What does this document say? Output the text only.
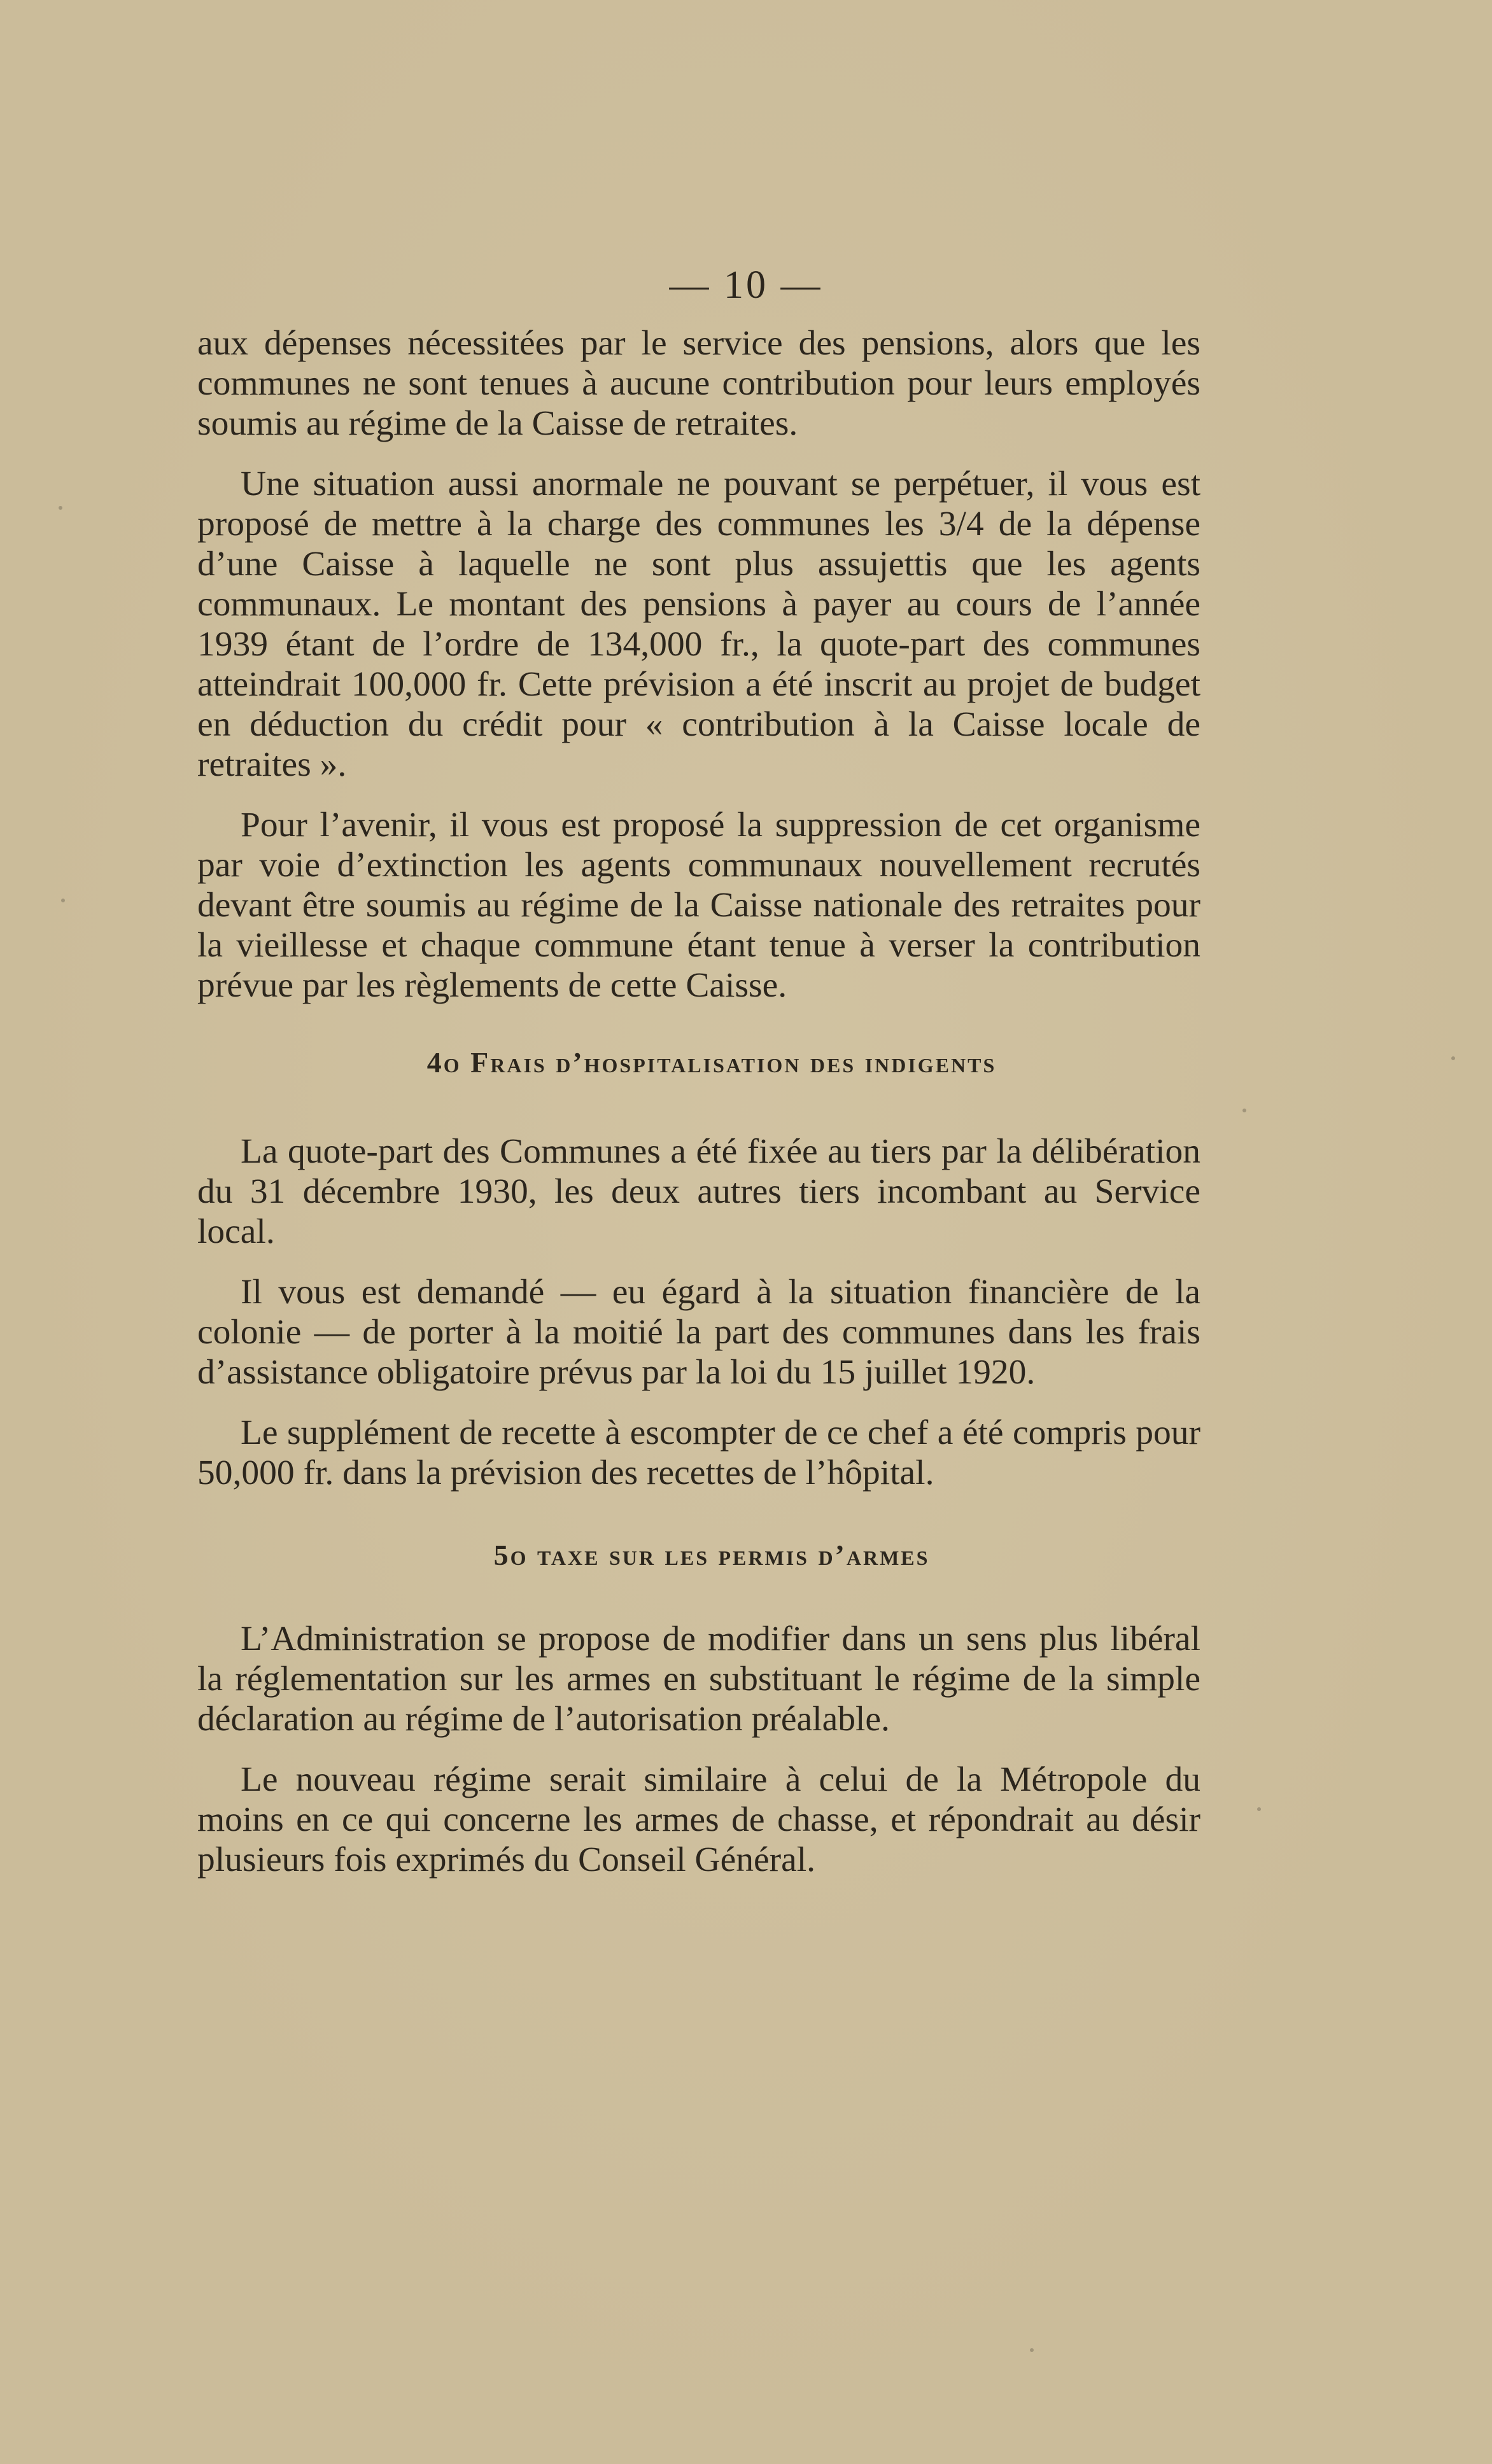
— 10 —

aux dépenses nécessitées par le service des pensions, alors que les communes ne sont tenues à aucune contribution pour leurs employés soumis au régime de la Caisse de retraites.

Une situation aussi anormale ne pouvant se perpétuer, il vous est proposé de mettre à la charge des communes les 3/4 de la dépense d’une Caisse à laquelle ne sont plus assujettis que les agents communaux. Le montant des pensions à payer au cours de l’année 1939 étant de l’ordre de 134,000 fr., la quote-part des communes atteindrait 100,000 fr. Cette prévision a été inscrit au projet de budget en déduction du crédit pour « contribution à la Caisse locale de retraites ».

Pour l’avenir, il vous est proposé la suppression de cet organisme par voie d’extinction les agents communaux nouvellement recrutés devant être soumis au régime de la Caisse nationale des retraites pour la vieillesse et chaque commune étant tenue à verser la contribution prévue par les règlements de cette Caisse.

4o Frais d’hospitalisation des indigents

La quote-part des Communes a été fixée au tiers par la délibération du 31 décembre 1930, les deux autres tiers incombant au Service local.

Il vous est demandé — eu égard à la situation financière de la colonie — de porter à la moitié la part des communes dans les frais d’assistance obligatoire prévus par la loi du 15 juillet 1920.

Le supplément de recette à escompter de ce chef a été compris pour 50,000 fr. dans la prévision des recettes de l’hôpital.

5o taxe sur les permis d’armes

L’Administration se propose de modifier dans un sens plus libéral la réglementation sur les armes en substituant le régime de la simple déclaration au régime de l’autorisation préalable.

Le nouveau régime serait similaire à celui de la Métropole du moins en ce qui concerne les armes de chasse, et répondrait au désir plusieurs fois exprimés du Conseil Général.
